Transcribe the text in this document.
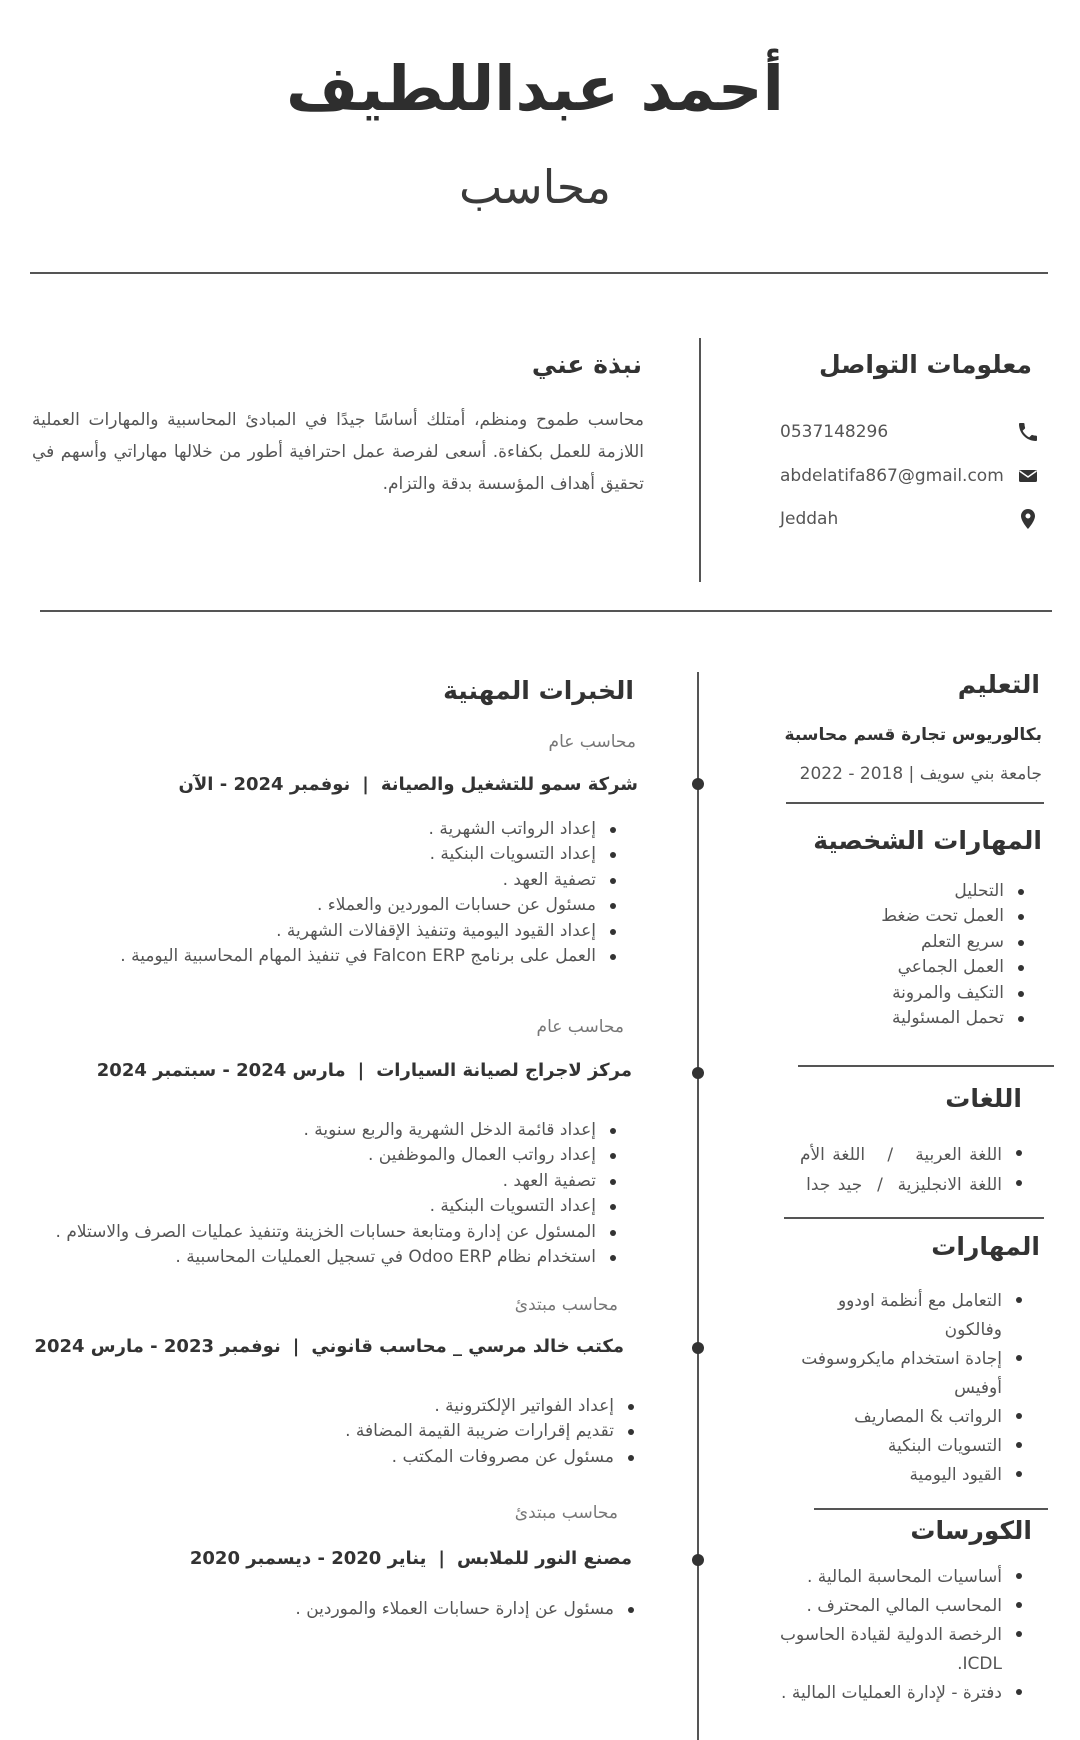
أحمد عبداللطيف
محاسب
معلومات التواصل
0537148296
abdelatifa867@gmail.com
Jeddah
نبذة عني
محاسب طموح ومنظم، أمتلك أساسًا جيدًا في المبادئ المحاسبية والمهارات العملية اللازمة للعمل بكفاءة. أسعى لفرصة عمل احترافية أطور من خلالها مهاراتي وأسهم في تحقيق أهداف المؤسسة بدقة والتزام.
التعليم
بكالوريوس تجارة قسم محاسبة
جامعة بني سويف | 2018 - 2022
المهارات الشخصية
التحليل
العمل تحت ضغط
سريع التعلم
العمل الجماعي
التكيف والمرونة
تحمل المسئولية
اللغات
اللغة العربية   /   اللغة الأم
اللغة الانجليزية  /  جيد جدا
المهارات
التعامل مع أنظمة اودوو وفالكون
إجادة استخدام مايكروسوفت أوفيس
الرواتب & المصاريف
التسويات البنكية
القيود اليومية
الكورسات
أساسيات المحاسبة المالية .
المحاسب المالي المحترف .
الرخصة الدولية لقيادة الحاسوب ICDL.
دفترة - لإدارة العمليات المالية .
الخبرات المهنية
محاسب عام
شركة سمو للتشغيل والصيانة|نوفمبر 2024 - الآن
إعداد الرواتب الشهرية .
إعداد التسويات البنكية .
تصفية العهد .
مسئول عن حسابات الموردين والعملاء .
إعداد القيود اليومية وتنفيذ الإقفالات الشهرية .
العمل على برنامج Falcon ERP في تنفيذ المهام المحاسبية اليومية .
محاسب عام
مركز لاجراج لصيانة السيارات|مارس 2024 - سبتمبر 2024
إعداد قائمة الدخل الشهرية والربع سنوية .
إعداد رواتب العمال والموظفين .
تصفية العهد .
إعداد التسويات البنكية .
المسئول عن إدارة ومتابعة حسابات الخزينة وتنفيذ عمليات الصرف والاستلام .
استخدام نظام Odoo ERP في تسجيل العمليات المحاسبية .
محاسب مبتدئ
مكتب خالد مرسي _ محاسب قانوني|نوفمبر 2023 - مارس 2024
إعداد الفواتير الإلكترونية .
تقديم إقرارات ضريبة القيمة المضافة .
مسئول عن مصروفات المكتب .
محاسب مبتدئ
مصنع النور للملابس|يناير 2020 - ديسمبر 2020
مسئول عن إدارة حسابات العملاء والموردين .
